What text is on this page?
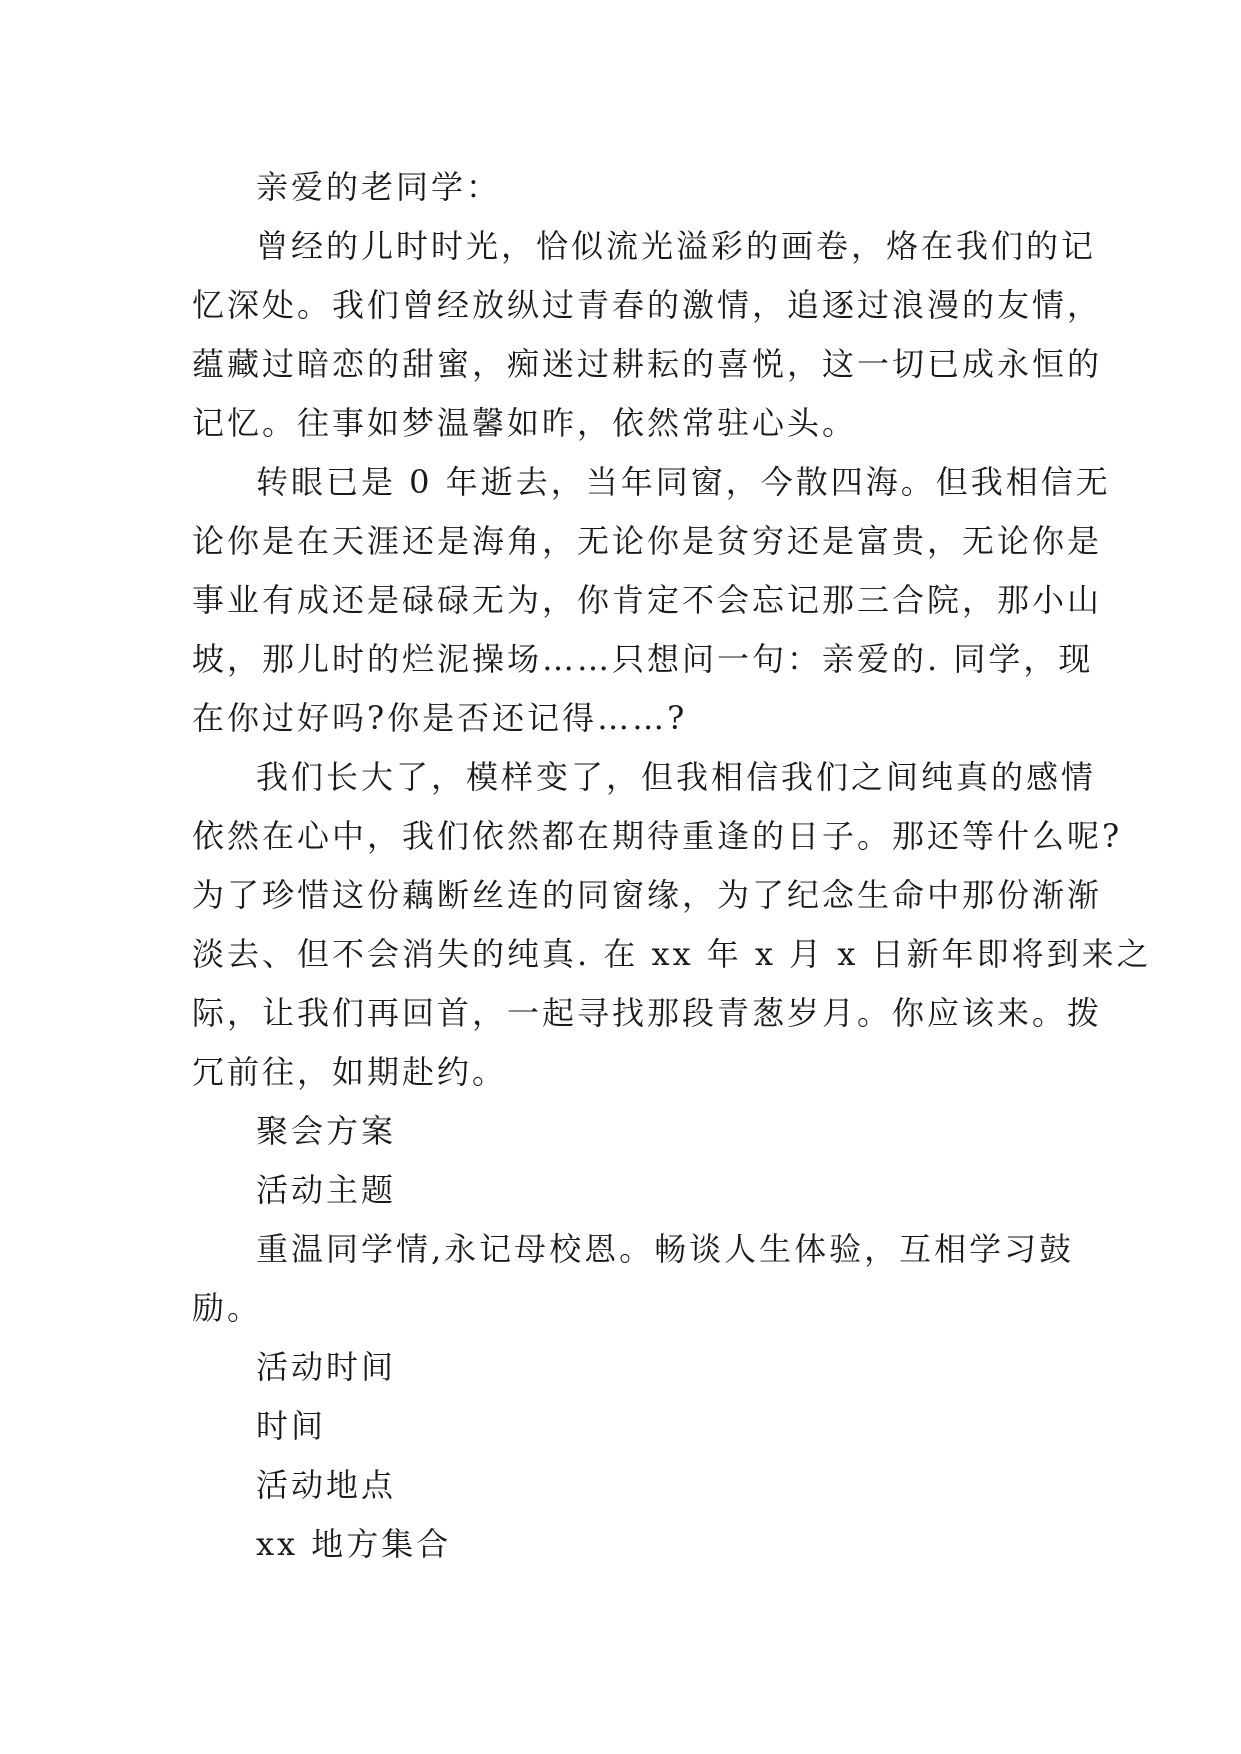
亲爱的老同学：
曾经的儿时时光，恰似流光溢彩的画卷，烙在我们的记
忆深处。我们曾经放纵过青春的激情，追逐过浪漫的友情，
蕴藏过暗恋的甜蜜，痴迷过耕耘的喜悦，这一切已成永恒的
记忆。往事如梦温馨如昨，依然常驻心头。
转眼已是 0 年逝去，当年同窗，今散四海。但我相信无
论你是在天涯还是海角，无论你是贫穷还是富贵，无论你是
事业有成还是碌碌无为，你肯定不会忘记那三合院，那小山
坡，那儿时的烂泥操场……只想问一句：亲爱的. 同学，现
在你过好吗?你是否还记得……?
我们长大了，模样变了，但我相信我们之间纯真的感情
依然在心中，我们依然都在期待重逢的日子。那还等什么呢?
为了珍惜这份藕断丝连的同窗缘，为了纪念生命中那份渐渐
淡去、但不会消失的纯真. 在 xx 年 x 月 x 日新年即将到来之
际，让我们再回首，一起寻找那段青葱岁月。你应该来。拨
冗前往，如期赴约。
聚会方案
活动主题
重温同学情,永记母校恩。畅谈人生体验，互相学习鼓
励。
活动时间
时间
活动地点
xx 地方集合
